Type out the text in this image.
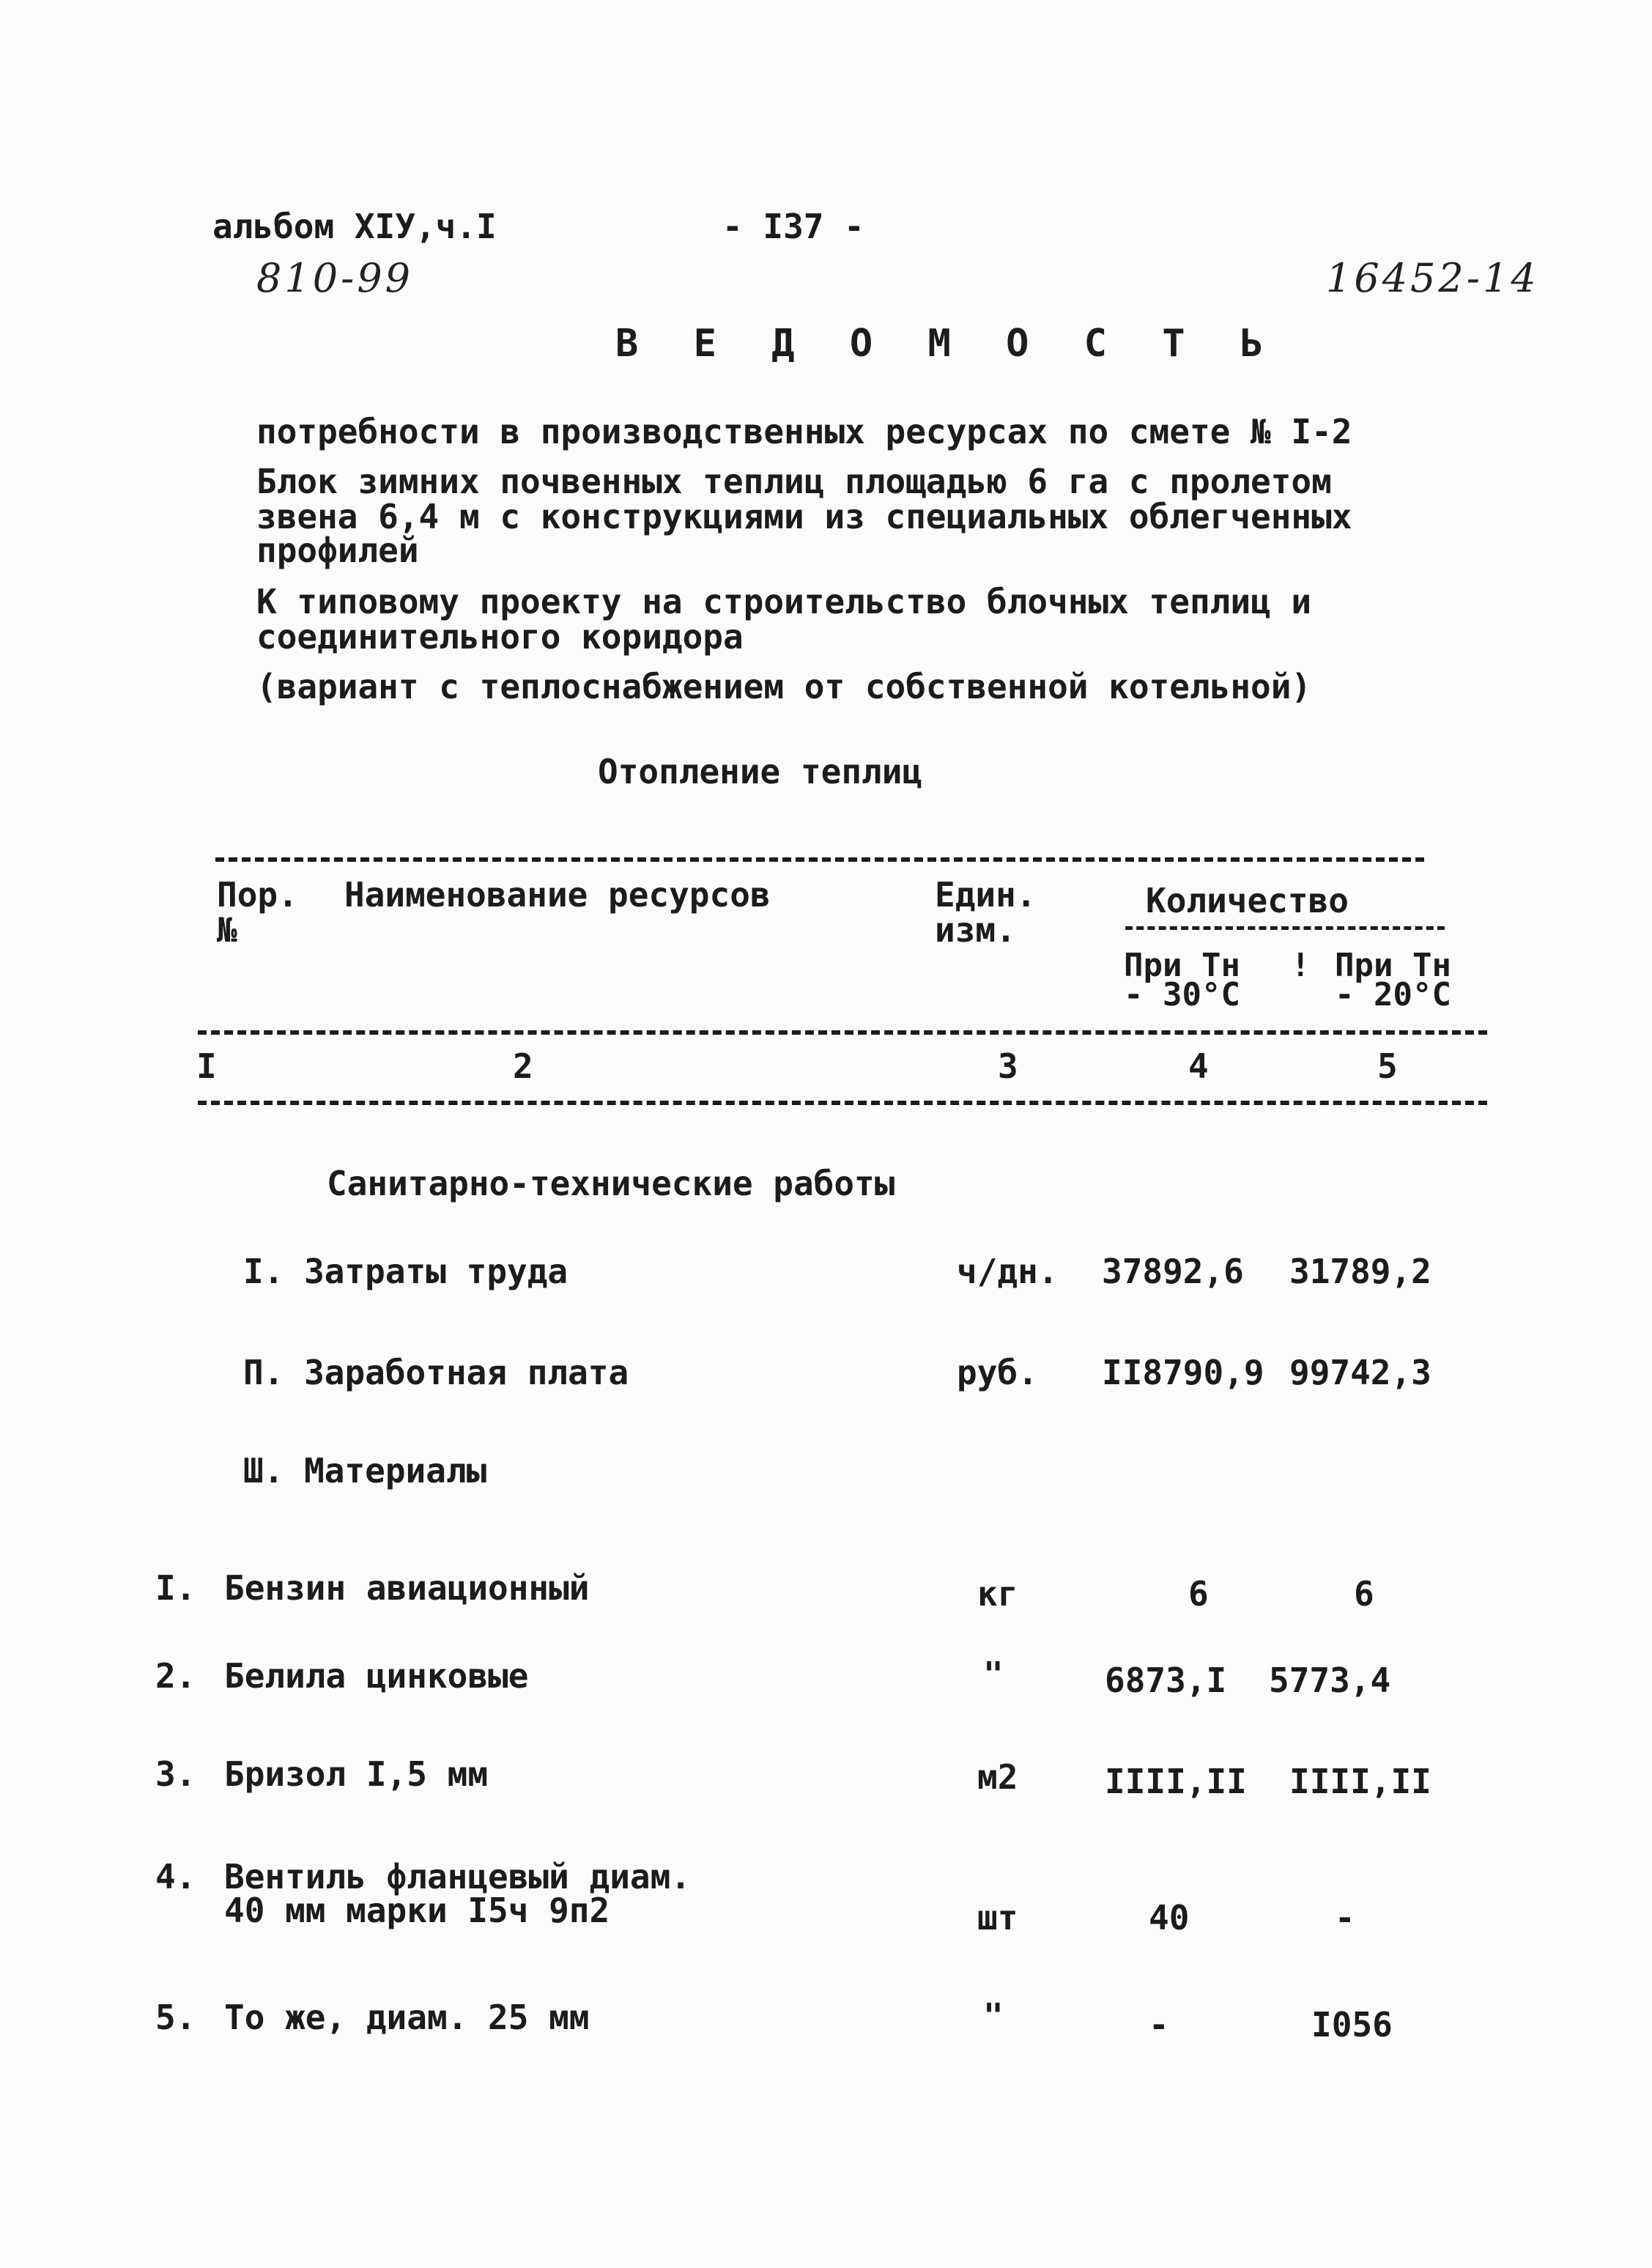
альбом XIУ,ч.I	- I37 -
810-99	16452-14
В Е Д О М О С Т Ь
потребности в производственных ресурсах по смете № I-2
Блок зимних почвенных теплиц площадью 6 га с пролетом
звена 6,4 м с конструкциями из специальных облегченных
профилей
К типовому проекту на строительство блочных теплиц и
соединительного коридора
(вариант с теплоснабжением от собственной котельной)
Отопление теплиц
Пор.
№
Наименование ресурсов	Един.
изм.
Количество
При Тн
- 30°С
! При Тн
- 20°С
I	2	3	4	5
Санитарно-технические работы
I. Затраты труда	ч/дн. 37892,6 31789,2
П. Заработная плата	руб. II8790,9 99742,3
Ш. Материалы
I. Бензин авиационный	кг	6	6
2. Белила цинковые	"	6873,I 5773,4
3. Бризол I,5 мм	м2	IIII,II IIII,II
4. Вентиль фланцевый диам.
40 мм марки I5ч 9п2	шт	40	-
5. То же, диам. 25 мм	"	-	I056
